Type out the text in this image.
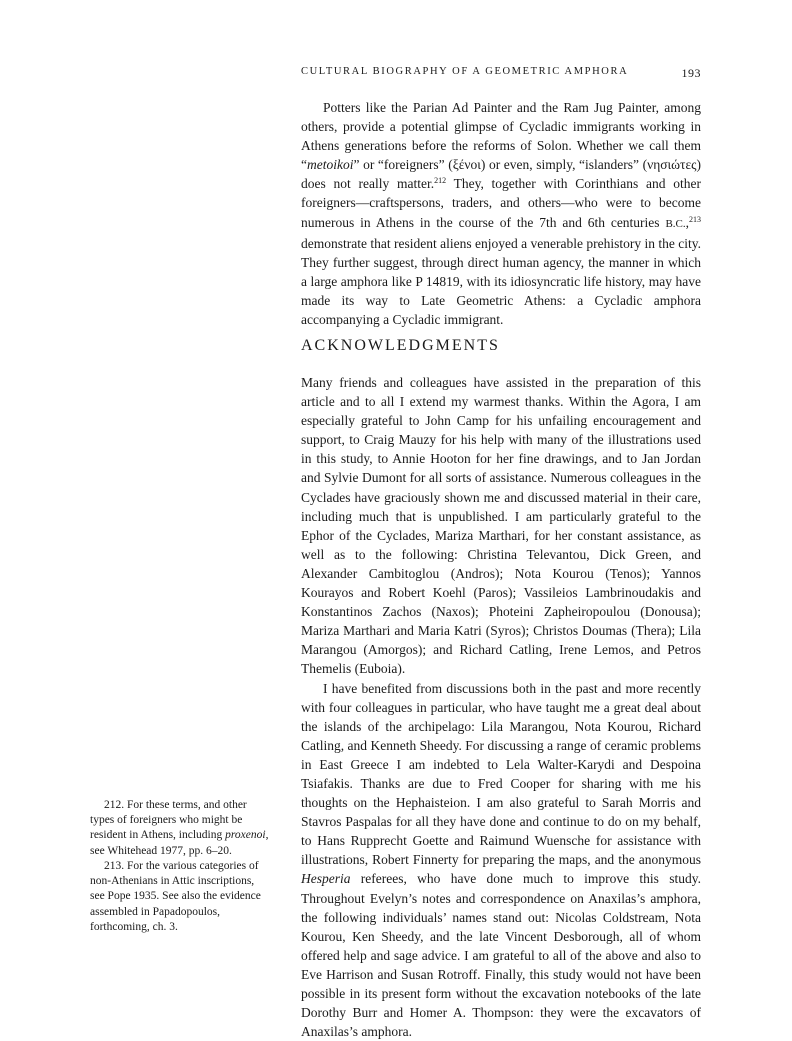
CULTURAL BIOGRAPHY OF A GEOMETRIC AMPHORA	193

Potters like the Parian Ad Painter and the Ram Jug Painter, among others, provide a potential glimpse of Cycladic immigrants working in Athens generations before the reforms of Solon. Whether we call them “metoikoi” or “foreigners” (ξένοι) or even, simply, “islanders” (νησιώτες) does not really matter.$^{212}$ They, together with Corinthians and other foreigners—craftspersons, traders, and others—who were to become numerous in Athens in the course of the 7th and 6th centuries B.C.,$^{213}$ demonstrate that resident aliens enjoyed a venerable prehistory in the city. They further suggest, through direct human agency, the manner in which a large amphora like P 14819, with its idiosyncratic life history, may have made its way to Late Geometric Athens: a Cycladic amphora accompanying a Cycladic immigrant.

ACKNOWLEDGMENTS

Many friends and colleagues have assisted in the preparation of this article and to all I extend my warmest thanks. Within the Agora, I am especially grateful to John Camp for his unfailing encouragement and support, to Craig Mauzy for his help with many of the illustrations used in this study, to Annie Hooton for her fine drawings, and to Jan Jordan and Sylvie Dumont for all sorts of assistance. Numerous colleagues in the Cyclades have graciously shown me and discussed material in their care, including much that is unpublished. I am particularly grateful to the Ephor of the Cyclades, Mariza Marthari, for her constant assistance, as well as to the following: Christina Televantou, Dick Green, and Alexander Cambitoglou (Andros); Nota Kourou (Tenos); Yannos Kourayos and Robert Koehl (Paros); Vassileios Lambrinoudakis and Konstantinos Zachos (Naxos); Photeini Zapheiropoulou (Donousa); Mariza Marthari and Maria Katri (Syros); Christos Doumas (Thera); Lila Marangou (Amorgos); and Richard Catling, Irene Lemos, and Petros Themelis (Euboia).

I have benefited from discussions both in the past and more recently with four colleagues in particular, who have taught me a great deal about the islands of the archipelago: Lila Marangou, Nota Kourou, Richard Catling, and Kenneth Sheedy. For discussing a range of ceramic problems in East Greece I am indebted to Lela Walter-Karydi and Despoina Tsiafakis. Thanks are due to Fred Cooper for sharing with me his thoughts on the Hephaisteion. I am also grateful to Sarah Morris and Stavros Paspalas for all they have done and continue to do on my behalf, to Hans Rupprecht Goette and Raimund Wuensche for assistance with illustrations, Robert Finnerty for preparing the maps, and the anonymous Hesperia referees, who have done much to improve this study. Throughout Evelyn’s notes and correspondence on Anaxilas’s amphora, the following individuals’ names stand out: Nicolas Coldstream, Nota Kourou, Ken Sheedy, and the late Vincent Desborough, all of whom offered help and sage advice. I am grateful to all of the above and also to Eve Harrison and Susan Rotroff. Finally, this study would not have been possible in its present form without the excavation notebooks of the late Dorothy Burr and Homer A. Thompson: they were the excavators of Anaxilas’s amphora.

212. For these terms, and other types of foreigners who might be resident in Athens, including proxenoi, see Whitehead 1977, pp. 6–20.

213. For the various categories of non-Athenians in Attic inscriptions, see Pope 1935. See also the evidence assembled in Papadopoulos, forthcoming, ch. 3.
